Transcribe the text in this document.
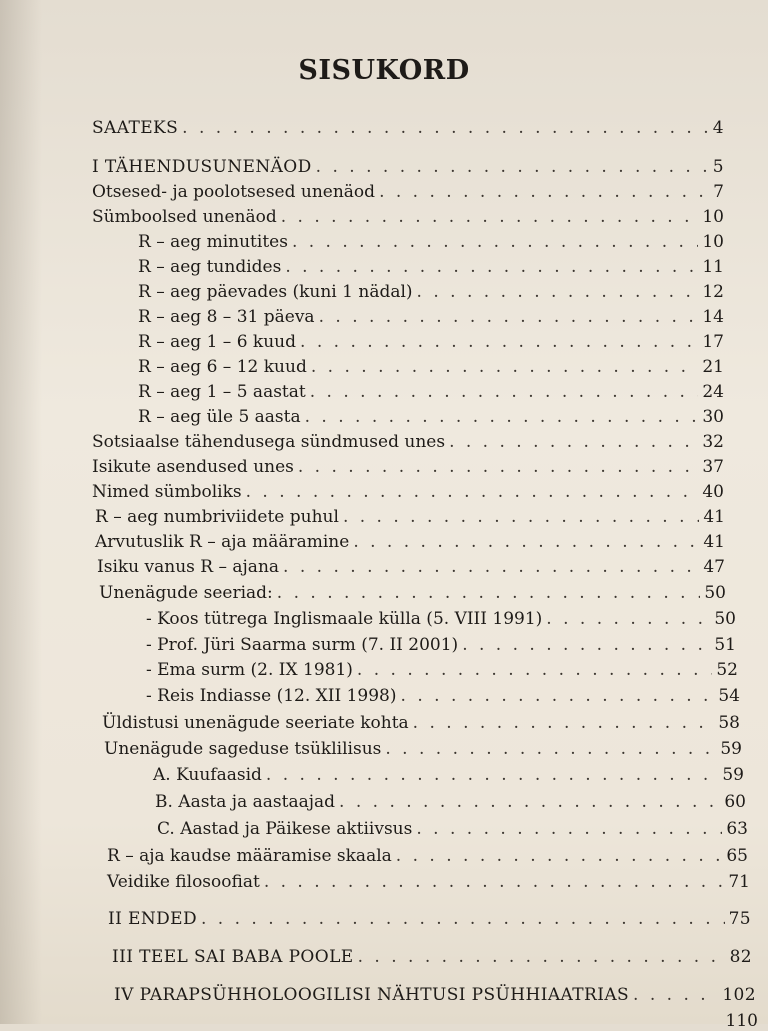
SISUKORD
SAATEKS . . .	4
I TÄHENDUSUNENÄOD . . .	5
Otsesed- ja poolotsesed unenäod . . .	7
Sümboolsed unenäod . . .	10
R – aeg minutites . . .	10
R – aeg tundides . . .	11
R – aeg päevades (kuni 1 nädal) . . .	12
R – aeg 8 – 31 päeva . . .	14
R – aeg 1 – 6 kuud . . .	17
R – aeg 6 – 12 kuud . . .	21
R – aeg 1 – 5 aastat . . .	24
R – aeg üle 5 aasta . . .	30
Sotsiaalse tähendusega sündmused unes . . .	32
Isikute asendused unes . . .	37
Nimed sümboliks . . .	40
R – aeg numbriviidete puhul . . .	41
Arvutuslik R – aja määramine . . .	41
Isiku vanus R – ajana . . .	47
Unenägude seeriad: . . .	50
- Koos tütrega Inglismaale külla (5. VIII 1991) . . .	50
- Prof. Jüri Saarma surm (7. II 2001) . . .	51
- Ema surm (2. IX 1981) . . .	52
- Reis Indiasse (12. XII 1998) . . .	54
Üldistusi unenägude seeriate kohta . . .	58
Unenägude sageduse tsüklilisus . . .	59
A. Kuufaasid . . .	59
B. Aasta ja aastaajad . . .	60
C. Aastad ja Päikese aktiivsus . . .	63
R – aja kaudse määramise skaala . . .	65
Veidike filosoofiat . . .	71
II ENDED . . .	75
III TEEL SAI BABA POOLE . . .	82
IV PARAPSÜHHOLOOGILISI NÄHTUSI PSÜHHIAATRIAS . . .	102
110
